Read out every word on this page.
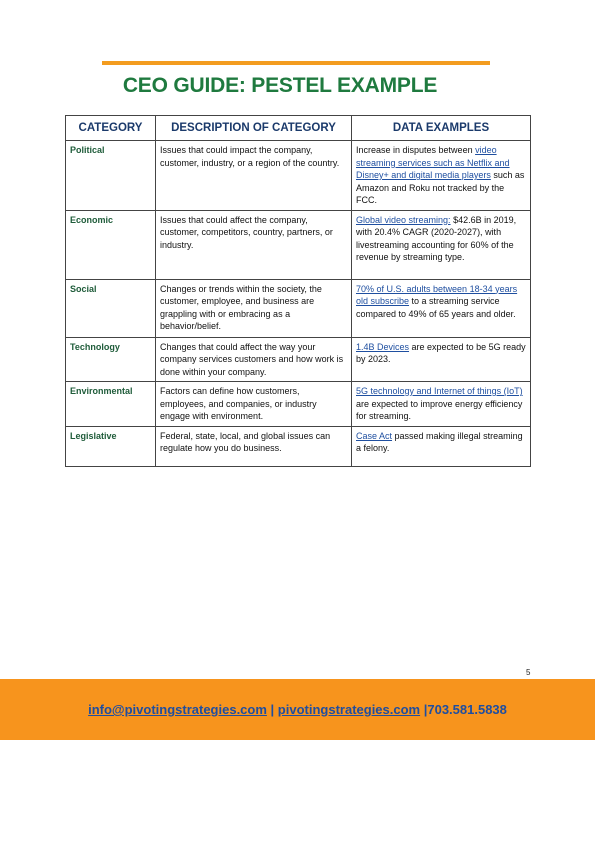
CEO GUIDE: PESTEL EXAMPLE
CATEGORY	DESCRIPTION OF CATEGORY	DATA EXAMPLES
Political	Issues that could impact the company, customer, industry, or a region of the country.	Increase in disputes between video streaming services such as Netflix and Disney+ and digital media players such as Amazon and Roku not tracked by the FCC.
Economic	Issues that could affect the company, customer, competitors, country, partners, or industry.	Global video streaming: $42.6B in 2019, with 20.4% CAGR (2020-2027), with livestreaming accounting for 60% of the revenue by streaming type.
Social	Changes or trends within the society, the customer, employee, and business are grappling with or embracing as a behavior/belief.	70% of U.S. adults between 18-34 years old subscribe to a streaming service compared to 49% of 65 years and older.
Technology	Changes that could affect the way your company services customers and how work is done within your company.	1.4B Devices are expected to be 5G ready by 2023.
Environmental	Factors can define how customers, employees, and companies, or industry engage with environment.	5G technology and Internet of things (IoT) are expected to improve energy efficiency for streaming.
Legislative	Federal, state, local, and global issues can regulate how you do business.	Case Act passed making illegal streaming a felony.
5
info@pivotingstrategies.com | pivotingstrategies.com |703.581.5838
